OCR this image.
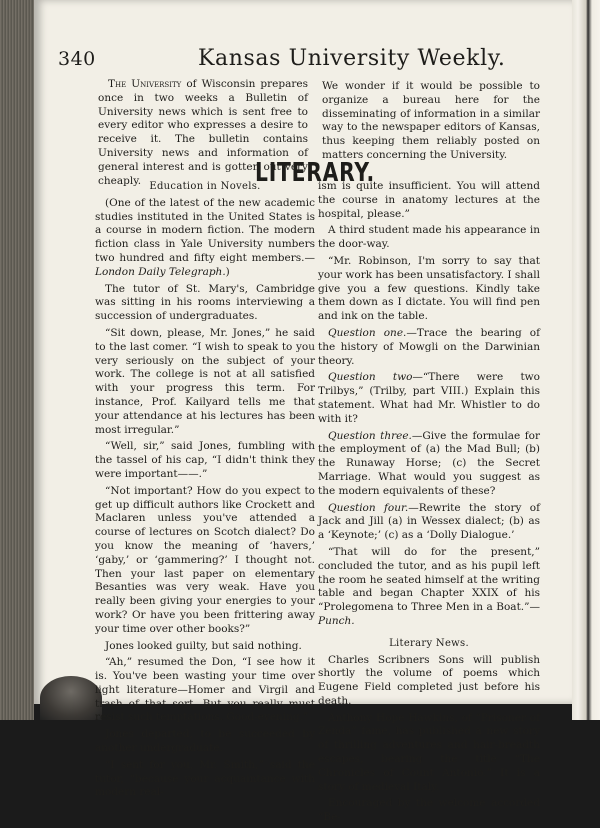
340	Kansas University Weekly.

The University of Wisconsin prepares once in two weeks a Bulletin of University news which is sent free to every editor who expresses a desire to receive it. The bulletin contains University news and information of general interest and is gotten out very cheaply.

We wonder if it would be possible to organize a bureau here for the disseminating of information in a similar way to the newspaper editors of Kansas, thus keeping them reliably posted on matters concerning the University.

LITERARY.
Education in Novels.

(One of the latest of the new academic studies instituted in the United States is a course in modern fiction. The modern fiction class in Yale University numbers two hundred and fifty eight members.—London Daily Telegraph.)

The tutor of St. Mary's, Cambridge was sitting in his rooms interviewing a succession of undergraduates.

“Sit down, please, Mr. Jones,” he said to the last comer. “I wish to speak to you very seriously on the subject of your work. The college is not at all satisfied with your progress this term. For instance, Prof. Kailyard tells me that your attendance at his lectures has been most irregular.”

“Well, sir,” said Jones, fumbling with the tassel of his cap, “I didn't think they were important——.”

“Not important? How do you expect to get up difficult authors like Crockett and Maclaren unless you've attended a course of lectures on Scotch dialect? Do you know the meaning of ‘havers,’ ‘gaby,’ or ‘gammering?’ I thought not. Then your last paper on elementary Besanties was very weak. Have you really been giving your energies to your work? Or have you been frittering away your time over other books?”

Jones looked guilty, but said nothing.

“Ah,” resumed the Don, “I see how it is. You've been wasting your time over light literature—Homer and Virgil and trash of that sort. But you really must resist such temptations. Good-evening.”

Jones departed, to be succeeded by another undergraduate.

“I sent for you, Mr. Smith,” said the tutor, “because your acquaintance with modern real-

ism is quite insufficient. You will attend the course in anatomy lectures at the hospital, please.”

A third student made his appearance in the door-way.

“Mr. Robinson, I'm sorry to say that your work has been unsatisfactory. I shall give you a few questions. Kindly take them down as I dictate. You will find pen and ink on the table.

Question one.—Trace the bearing of the history of Mowgli on the Darwinian theory.

Question two—“There were two Trilbys,” (Trilby, part VIII.) Explain this statement. What had Mr. Whistler to do with it?

Question three.—Give the formulae for the employment of (a) the Mad Bull; (b) the Runaway Horse; (c) the Secret Marriage. What would you suggest as the modern equivalents of these?

Question four.—Rewrite the story of Jack and Jill (a) in Wessex dialect; (b) as a ‘Keynote;’ (c) as a ‘Dolly Dialogue.’

“That will do for the present,” concluded the tutor, and as his pupil left the room he seated himself at the writing table and began Chapter XXIX of his “Prolegomena to Three Men in a Boat.”—Punch.

Literary News.

Charles Scribners Sons will publish shortly the volume of poems which Eugene Field completed just before his death.

Anthony Hope Hawkins, of “Prisoner of Zenda” fame, has published a new story of thrilling adventures and hair-breadth escapes, bearing the title “The Chronicles of Count Antonio.” It is a story of medieval Italy.

Encouraged by the welcome accorded “Be-
